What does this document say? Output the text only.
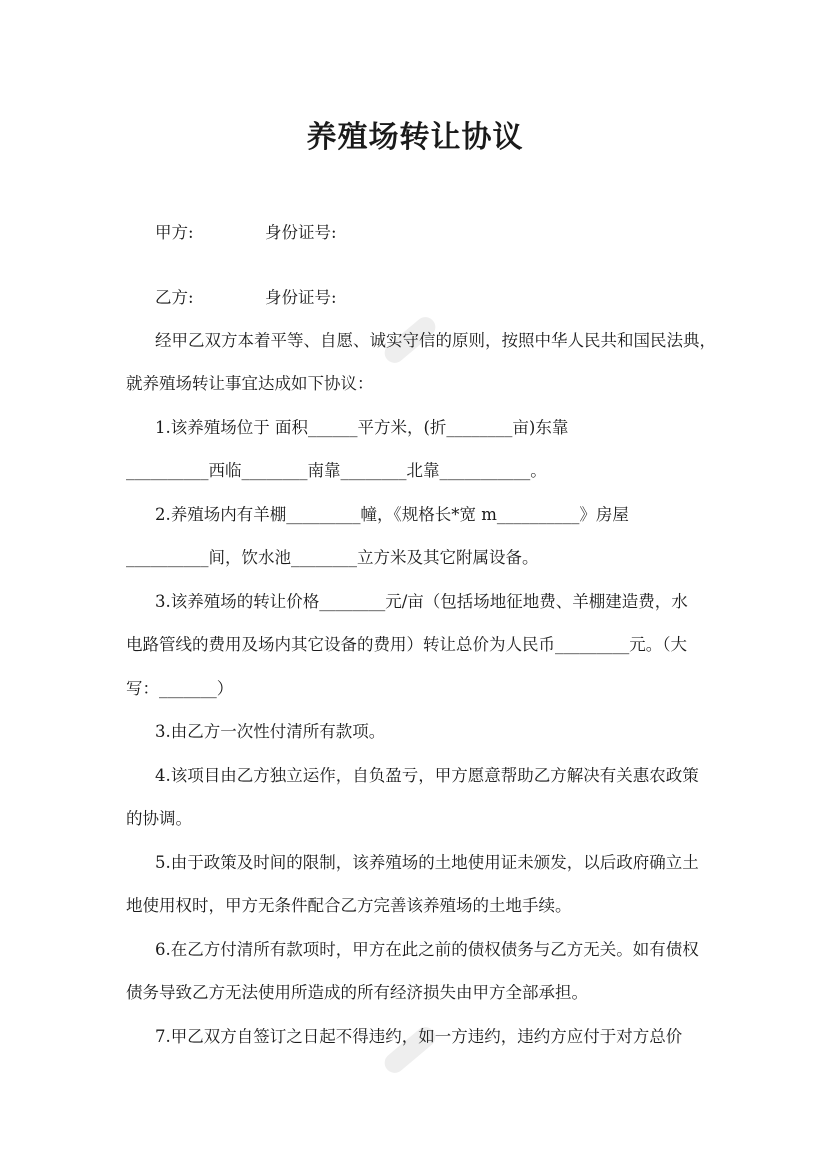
养殖场转让协议
甲方:	身份证号:
乙方:	身份证号:
经甲乙双方本着平等、自愿、诚实守信的原则，按照中华人民共和国民法典，
就养殖场转让事宜达成如下协议：
1.该养殖场位于 面积______平方米，(折________亩)东靠
__________西临________南靠________北靠___________。
2.养殖场内有羊棚_________幢，《规格长*宽 m__________》房屋
__________间，饮水池________立方米及其它附属设备。
3.该养殖场的转让价格________元/亩（包括场地征地费、羊棚建造费，水
电路管线的费用及场内其它设备的费用）转让总价为人民币_________元。（大
写：_______）
3.由乙方一次性付清所有款项。
4.该项目由乙方独立运作，自负盈亏，甲方愿意帮助乙方解决有关惠农政策
的协调。
5.由于政策及时间的限制，该养殖场的土地使用证未颁发，以后政府确立土
地使用权时，甲方无条件配合乙方完善该养殖场的土地手续。
6.在乙方付清所有款项时，甲方在此之前的债权债务与乙方无关。如有债权
债务导致乙方无法使用所造成的所有经济损失由甲方全部承担。
7.甲乙双方自签订之日起不得违约，如一方违约，违约方应付于对方总价
